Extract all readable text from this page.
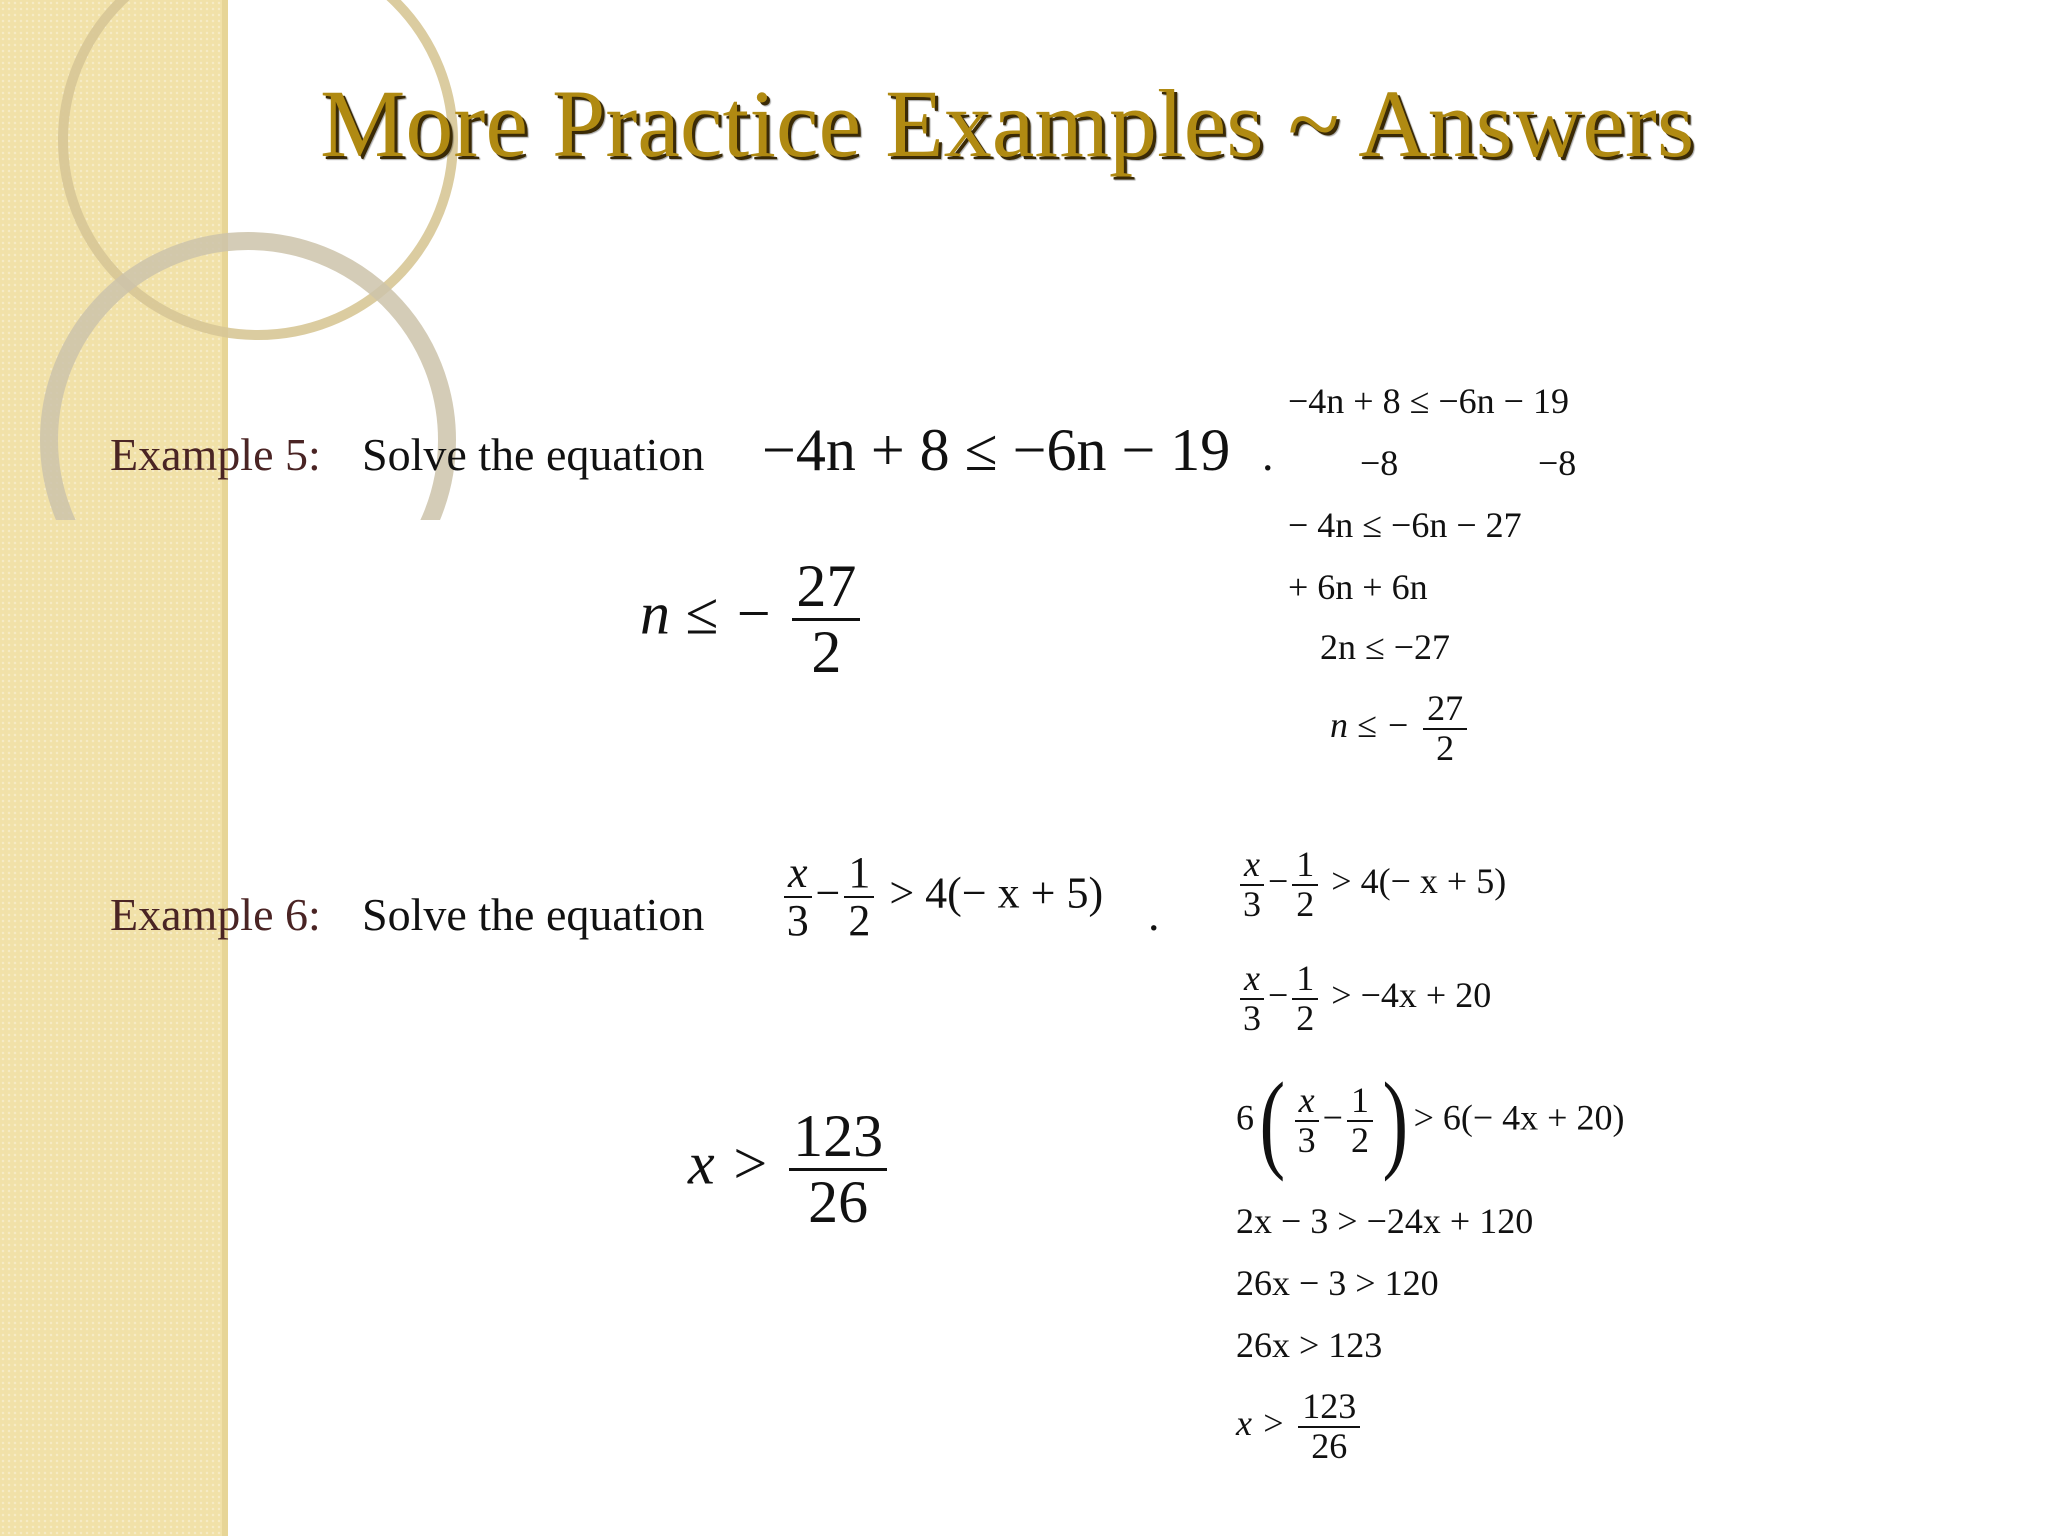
More Practice Examples ~ Answers
Example 5: Solve the equation −4n + 8 ≤ −6n − 19 .
n ≤ − $\frac{27}{2}$
−4n + 8 ≤ −6n − 19
−8	−8
− 4n ≤ −6n − 27
+ 6n + 6n
2n ≤ −27
n ≤ − $\frac{27}{2}$
Example 6: Solve the equation $\frac{x}{3} - \frac{1}{2} > 4(- x + 5)$ .
$x > \frac{123}{26}$
$\frac{x}{3} - \frac{1}{2} > 4(- x + 5)$
$\frac{x}{3} - \frac{1}{2} > -4x + 20$
$6( \frac{x}{3} - \frac{1}{2}$ ) > 6(− 4x + 20)
2x − 3 > −24x + 120
26x − 3 > 120
26x > 123
$x > \frac{123}{26}$
